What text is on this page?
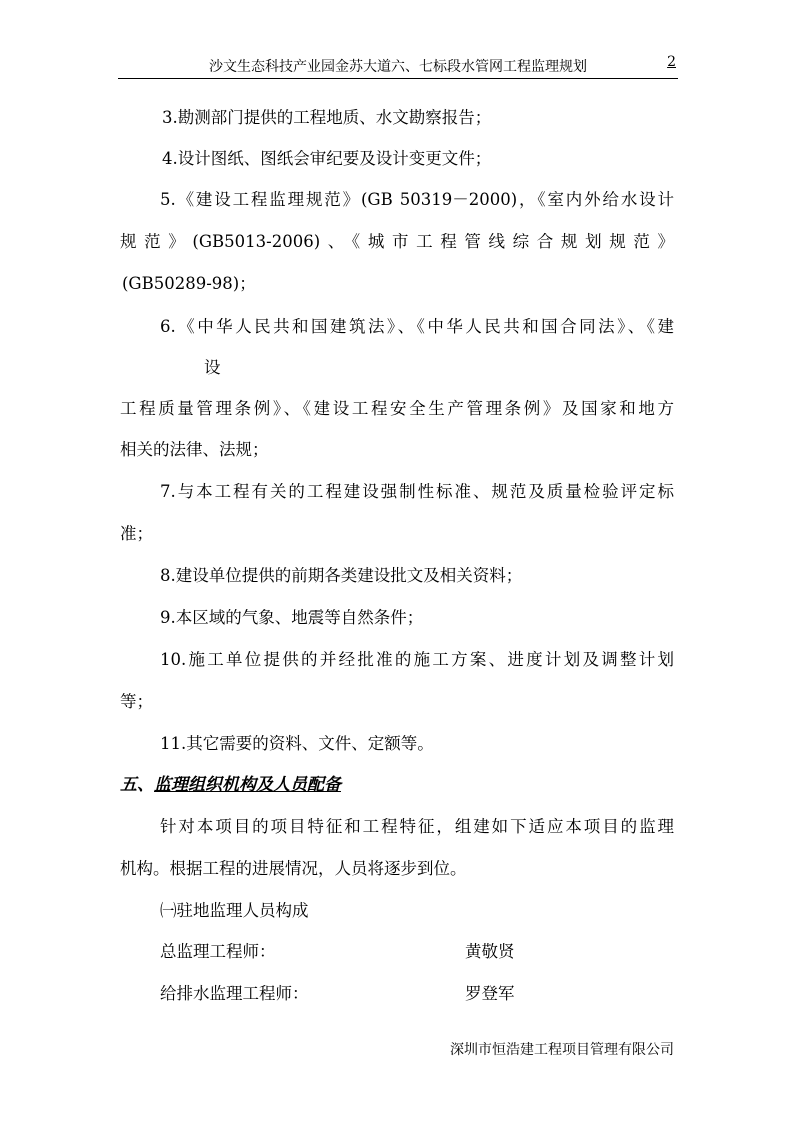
沙文生态科技产业园金苏大道六、七标段水管网工程监理规划	2
3.勘测部门提供的工程地质、水文勘察报告；
4.设计图纸、图纸会审纪要及设计变更文件；
5.《建设工程监理规范》(GB 50319－2000)，《室内外给水设计
规范》(GB5013-2006)、《城市工程管线综合规划规范》
(GB50289-98)；
6.《中华人民共和国建筑法》、《中华人民共和国合同法》、《建
设
工程质量管理条例》、《建设工程安全生产管理条例》及国家和地方
相关的法律、法规；
7.与本工程有关的工程建设强制性标准、规范及质量检验评定标
准；
8.建设单位提供的前期各类建设批文及相关资料；
9.本区域的气象、地震等自然条件；
10.施工单位提供的并经批准的施工方案、进度计划及调整计划
等；
11.其它需要的资料、文件、定额等。
五、监理组织机构及人员配备
针对本项目的项目特征和工程特征，组建如下适应本项目的监理
机构。根据工程的进展情况，人员将逐步到位。
㈠驻地监理人员构成
总监理工程师：	黄敬贤
给排水监理工程师：	罗登军
深圳市恒浩建工程项目管理有限公司
